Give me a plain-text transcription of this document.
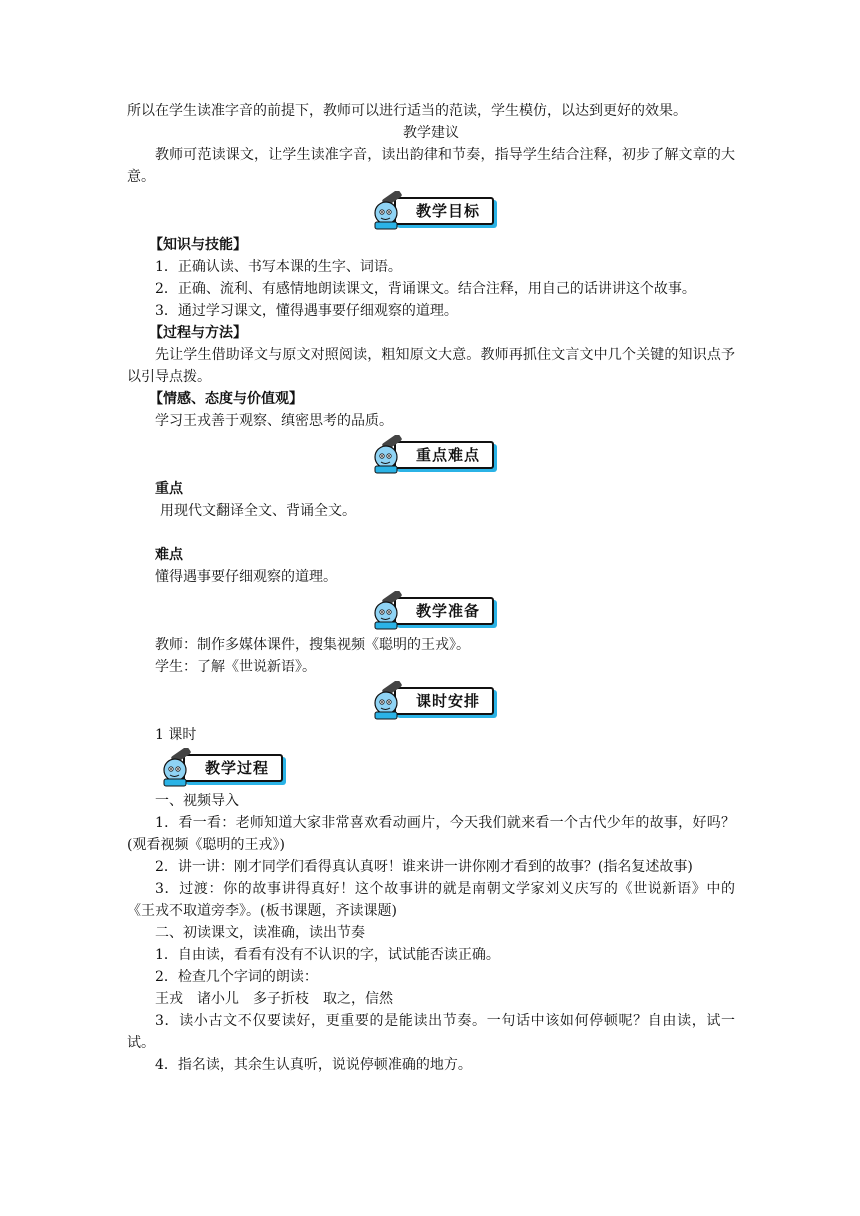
所以在学生读准字音的前提下，教师可以进行适当的范读，学生模仿，以达到更好的效果。

教学建议

教师可范读课文，让学生读准字音，读出韵律和节奏，指导学生结合注释，初步了解文章的大意。

教学目标

【知识与技能】

1．正确认读、书写本课的生字、词语。

2．正确、流利、有感情地朗读课文，背诵课文。结合注释，用自己的话讲讲这个故事。

3．通过学习课文，懂得遇事要仔细观察的道理。

【过程与方法】

先让学生借助译文与原文对照阅读，粗知原文大意。教师再抓住文言文中几个关键的知识点予以引导点拨。

【情感、态度与价值观】

学习王戎善于观察、缜密思考的品质。

重点难点

重点

用现代文翻译全文、背诵全文。

难点

懂得遇事要仔细观察的道理。

教学准备

教师：制作多媒体课件，搜集视频《聪明的王戎》。

学生：了解《世说新语》。

课时安排

1 课时

教学过程

一、视频导入

1．看一看：老师知道大家非常喜欢看动画片，今天我们就来看一个古代少年的故事，好吗？(观看视频《聪明的王戎》)

2．讲一讲：刚才同学们看得真认真呀！谁来讲一讲你刚才看到的故事？(指名复述故事)

3．过渡：你的故事讲得真好！这个故事讲的就是南朝文学家刘义庆写的《世说新语》中的《王戎不取道旁李》。(板书课题，齐读课题)

二、初读课文，读准确，读出节奏

1．自由读，看看有没有不认识的字，试试能否读正确。

2．检查几个字词的朗读：

王戎　诸小儿　多子折枝　取之，信然

3．读小古文不仅要读好，更重要的是能读出节奏。一句话中该如何停顿呢？自由读，试一试。

4．指名读，其余生认真听，说说停顿准确的地方。
